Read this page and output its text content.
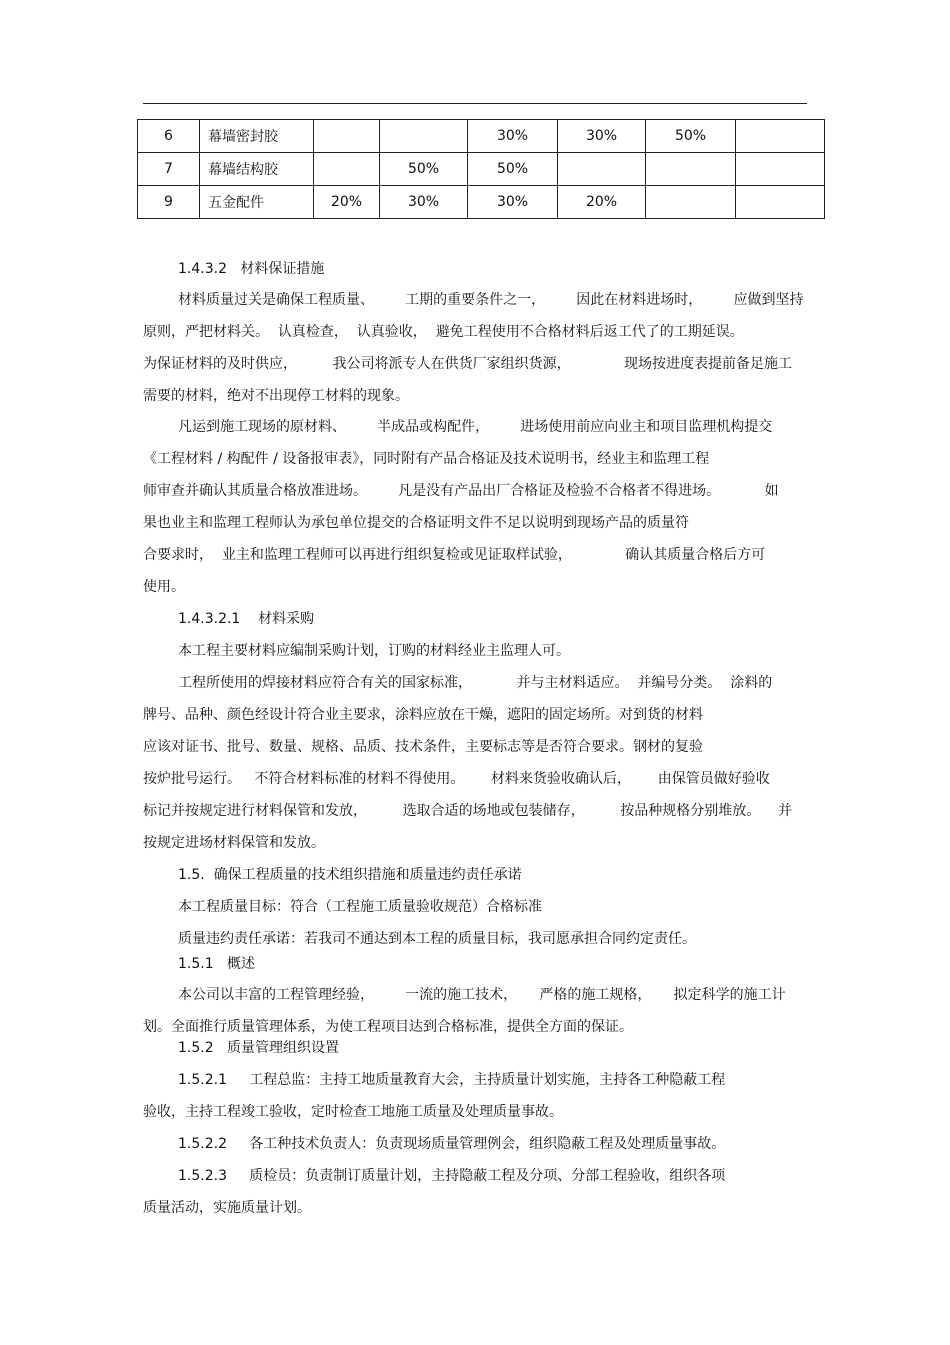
6	幕墙密封胶			30%	30%	50%	
7	幕墙结构胶		50%	50%			
9	五金配件	20%	30%	30%	20%		
1.4.3.2   材料保证措施
材料质量过关是确保工程质量、       工期的重要条件之一，       因此在材料进场时，       应做到坚持
原则，严把材料关。  认真检查，  认真验收，  避免工程使用不合格材料后返工代了的工期延误。
为保证材料的及时供应，        我公司将派专人在供货厂家组织货源，            现场按进度表提前备足施工
需要的材料，绝对不出现停工材料的现象。
凡运到施工现场的原材料、       半成品或构配件，       进场使用前应向业主和项目监理机构提交
《工程材料 / 构配件 / 设备报审表》，同时附有产品合格证及技术说明书，经业主和监理工程
师审查并确认其质量合格放准进场。       凡是没有产品出厂合格证及检验不合格者不得进场。          如
果也业主和监理工程师认为承包单位提交的合格证明文件不足以说明到现场产品的质量符
合要求时，  业主和监理工程师可以再进行组织复检或见证取样试验，            确认其质量合格后方可
使用。
1.4.3.2.1    材料采购
本工程主要材料应编制采购计划，订购的材料经业主监理人可。
工程所使用的焊接材料应符合有关的国家标准，          并与主材料适应。  并编号分类。  涂料的
牌号、品种、颜色经设计符合业主要求，涂料应放在干燥，遮阳的固定场所。对到货的材料
应该对证书、批号、数量、规格、品质、技术条件，主要标志等是否符合要求。钢材的复验
按炉批号运行。   不符合材料标准的材料不得使用。      材料来货验收确认后，      由保管员做好验收
标记并按规定进行材料保管和发放，        选取合适的场地或包装储存，        按品种规格分别堆放。    并
按规定进场材料保管和发放。
1.5.  确保工程质量的技术组织措施和质量违约责任承诺
本工程质量目标：符合（工程施工质量验收规范）合格标准
质量违约责任承诺：若我司不通达到本工程的质量目标，我司愿承担合同约定责任。
1.5.1   概述
本公司以丰富的工程管理经验，       一流的施工技术，     严格的施工规格，     拟定科学的施工计
划。全面推行质量管理体系，为使工程项目达到合格标准，提供全方面的保证。
1.5.2   质量管理组织设置
1.5.2.1     工程总监：主持工地质量教育大会，主持质量计划实施，主持各工种隐蔽工程
验收，主持工程竣工验收，定时检查工地施工质量及处理质量事故。
1.5.2.2     各工种技术负责人：负责现场质量管理例会，组织隐蔽工程及处理质量事故。
1.5.2.3     质检员：负责制订质量计划，主持隐蔽工程及分项、分部工程验收，组织各项
质量活动，实施质量计划。
